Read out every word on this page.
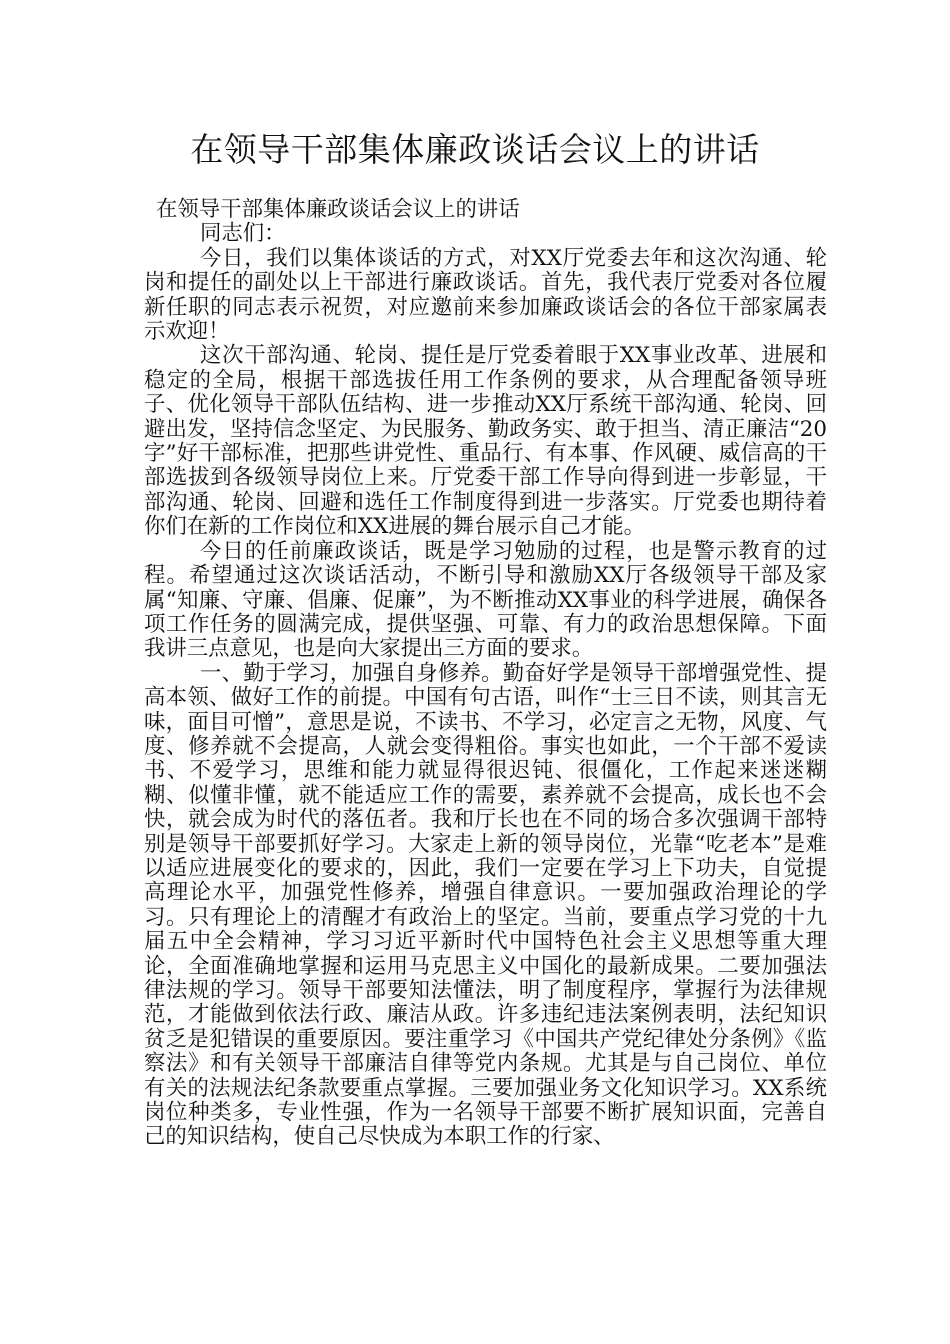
在领导干部集体廉政谈话会议上的讲话

在领导干部集体廉政谈话会议上的讲话

同志们：

今日，我们以集体谈话的方式，对XX厅党委去年和这次沟通、轮岗和提任的副处以上干部进行廉政谈话。首先，我代表厅党委对各位履新任职的同志表示祝贺，对应邀前来参加廉政谈话会的各位干部家属表示欢迎！

这次干部沟通、轮岗、提任是厅党委着眼于XX事业改革、进展和稳定的全局，根据干部选拔任用工作条例的要求，从合理配备领导班子、优化领导干部队伍结构、进一步推动XX厅系统干部沟通、轮岗、回避出发，坚持信念坚定、为民服务、勤政务实、敢于担当、清正廉洁“20字”好干部标准，把那些讲党性、重品行、有本事、作风硬、威信高的干部选拔到各级领导岗位上来。厅党委干部工作导向得到进一步彰显，干部沟通、轮岗、回避和选任工作制度得到进一步落实。厅党委也期待着你们在新的工作岗位和XX进展的舞台展示自己才能。

今日的任前廉政谈话，既是学习勉励的过程，也是警示教育的过程。希望通过这次谈话活动，不断引导和激励XX厅各级领导干部及家属“知廉、守廉、倡廉、促廉”，为不断推动XX事业的科学进展，确保各项工作任务的圆满完成，提供坚强、可靠、有力的政治思想保障。下面我讲三点意见，也是向大家提出三方面的要求。

一、勤于学习，加强自身修养。勤奋好学是领导干部增强党性、提高本领、做好工作的前提。中国有句古语，叫作“士三日不读，则其言无味，面目可憎”，意思是说，不读书、不学习，必定言之无物，风度、气度、修养就不会提高，人就会变得粗俗。事实也如此，一个干部不爱读书、不爱学习，思维和能力就显得很迟钝、很僵化，工作起来迷迷糊糊、似懂非懂，就不能适应工作的需要，素养就不会提高，成长也不会快，就会成为时代的落伍者。我和厅长也在不同的场合多次强调干部特别是领导干部要抓好学习。大家走上新的领导岗位，光靠“吃老本”是难以适应进展变化的要求的，因此，我们一定要在学习上下功夫，自觉提高理论水平，加强党性修养，增强自律意识。一要加强政治理论的学习。只有理论上的清醒才有政治上的坚定。当前，要重点学习党的十九届五中全会精神，学习习近平新时代中国特色社会主义思想等重大理论，全面准确地掌握和运用马克思主义中国化的最新成果。二要加强法律法规的学习。领导干部要知法懂法，明了制度程序，掌握行为法律规范，才能做到依法行政、廉洁从政。许多违纪违法案例表明，法纪知识贫乏是犯错误的重要原因。要注重学习《中国共产党纪律处分条例》《监察法》和有关领导干部廉洁自律等党内条规。尤其是与自己岗位、单位有关的法规法纪条款要重点掌握。三要加强业务文化知识学习。XX系统岗位种类多，专业性强，作为一名领导干部要不断扩展知识面，完善自己的知识结构，使自己尽快成为本职工作的行家、
